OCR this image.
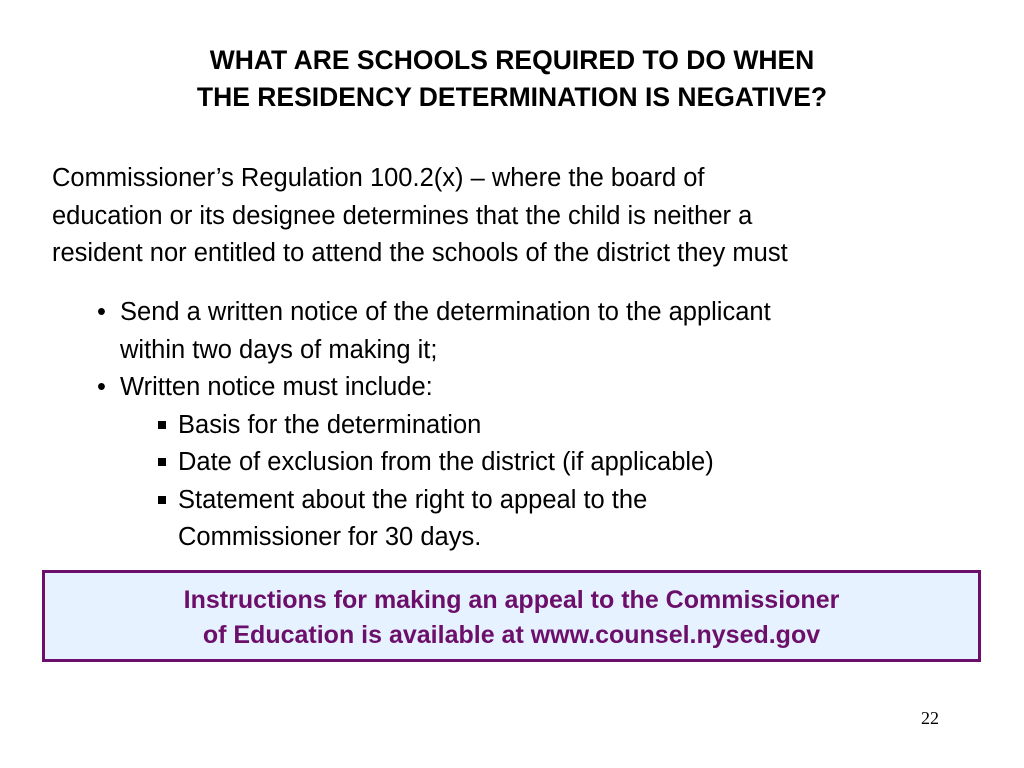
WHAT ARE SCHOOLS REQUIRED TO DO WHEN
THE RESIDENCY DETERMINATION IS NEGATIVE?
Commissioner’s Regulation 100.2(x) – where the board of
education or its designee determines that the child is neither a
resident nor entitled to attend the schools of the district they must
• Send a written notice of the determination to the applicant
within two days of making it;
• Written notice must include:
Basis for the determination
Date of exclusion from the district (if applicable)
Statement about the right to appeal to the
Commissioner for 30 days.
Instructions for making an appeal to the Commissioner
of Education is available at www.counsel.nysed.gov
22
